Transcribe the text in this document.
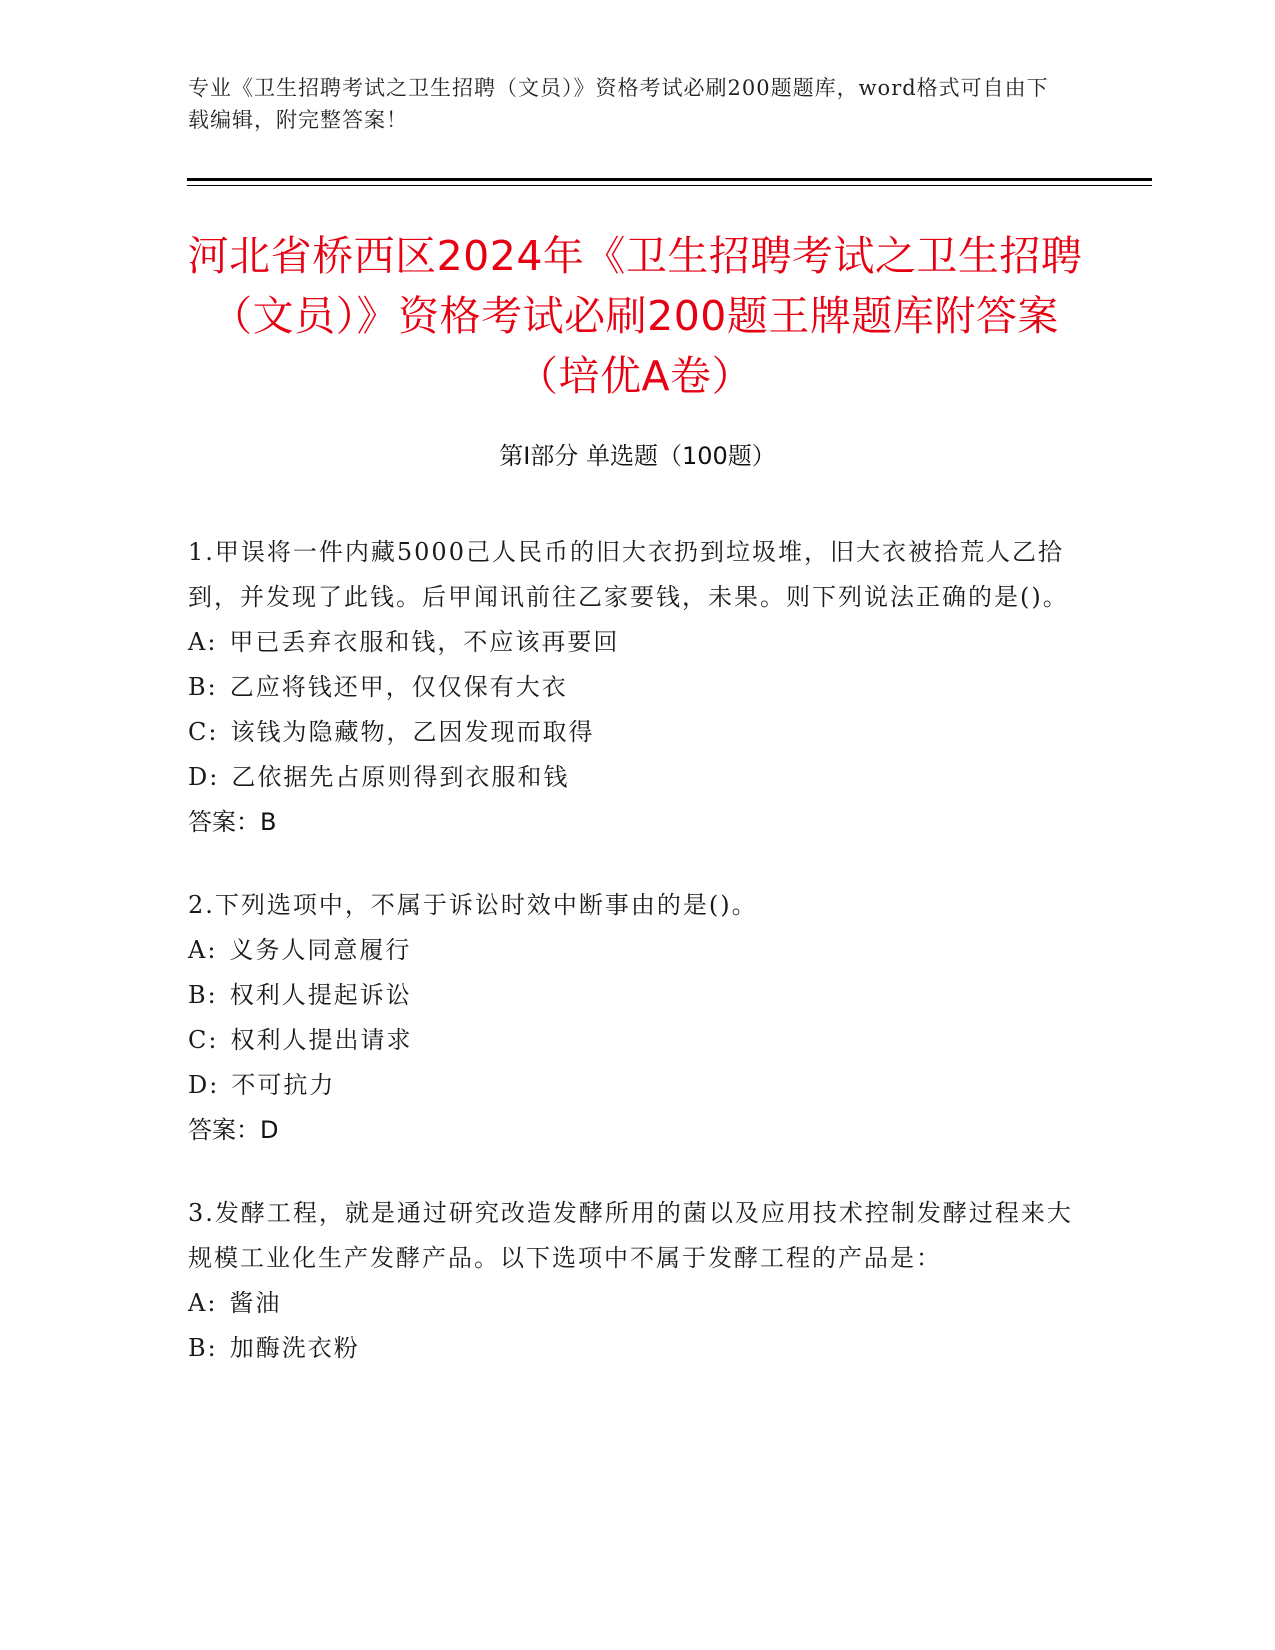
专业《卫生招聘考试之卫生招聘（文员）》资格考试必刷200题题库，word格式可自由下载编辑，附完整答案！
河北省桥西区2024年《卫生招聘考试之卫生招聘（文员）》资格考试必刷200题王牌题库附答案（培优A卷）
第I部分 单选题（100题）
1.甲误将一件内藏5000己人民币的旧大衣扔到垃圾堆，旧大衣被拾荒人乙拾到，并发现了此钱。后甲闻讯前往乙家要钱，未果。则下列说法正确的是()。
A: 甲已丢弃衣服和钱，不应该再要回
B: 乙应将钱还甲，仅仅保有大衣
C: 该钱为隐藏物，乙因发现而取得
D: 乙依据先占原则得到衣服和钱
答案：B
2.下列选项中，不属于诉讼时效中断事由的是()。
A: 义务人同意履行
B: 权利人提起诉讼
C: 权利人提出请求
D: 不可抗力
答案：D
3.发酵工程，就是通过研究改造发酵所用的菌以及应用技术控制发酵过程来大规模工业化生产发酵产品。以下选项中不属于发酵工程的产品是：
A: 酱油
B: 加酶洗衣粉
